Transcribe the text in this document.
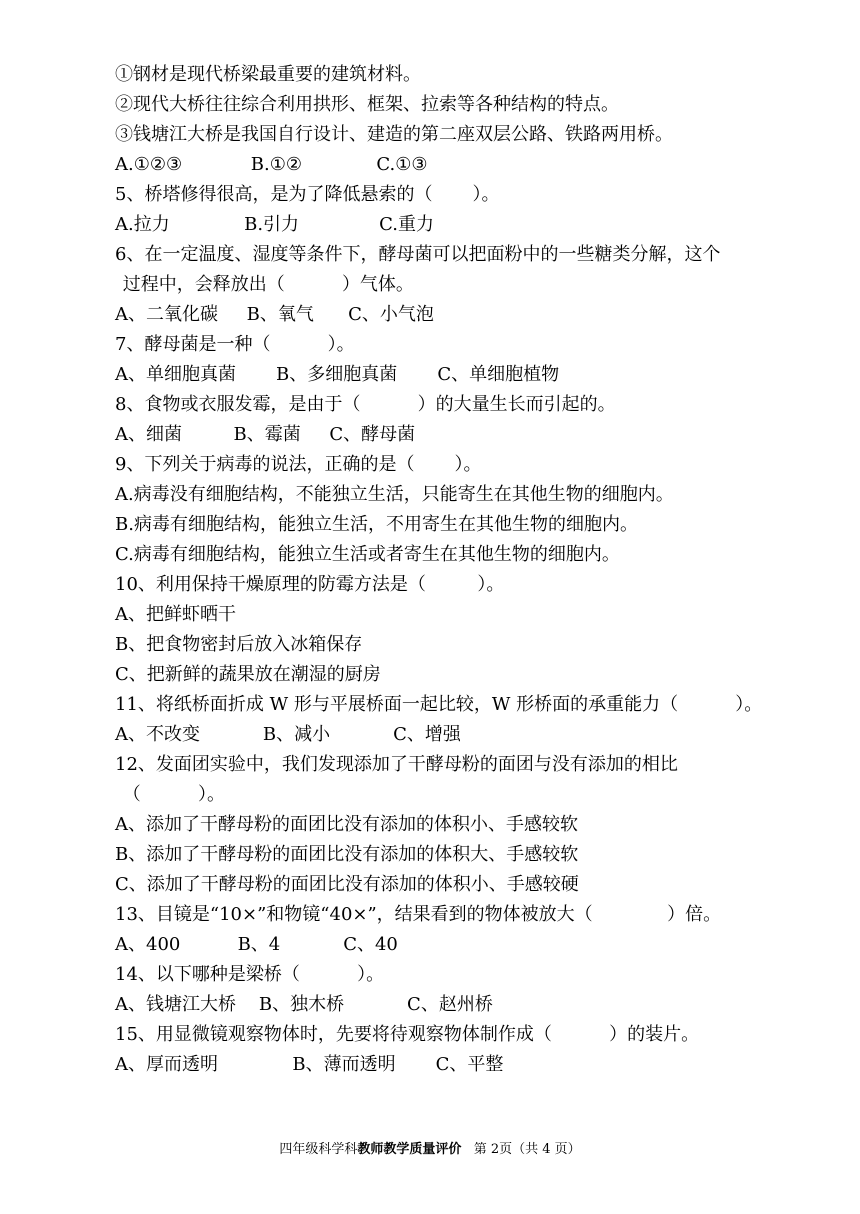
①钢材是现代桥梁最重要的建筑材料。
②现代大桥往往综合利用拱形、框架、拉索等各种结构的特点。
③钱塘江大桥是我国自行设计、建造的第二座双层公路、铁路两用桥。
A.①②③            B.①②             C.①③
5、桥塔修得很高，是为了降低悬索的（       ）。
A.拉力             B.引力              C.重力
6、在一定温度、湿度等条件下，酵母菌可以把面粉中的一些糖类分解，这个
过程中，会释放出（          ）气体。
A、二氧化碳     B、氧气      C、小气泡
7、酵母菌是一种（          ）。
A、单细胞真菌       B、多细胞真菌       C、单细胞植物
8、食物或衣服发霉，是由于（          ）的大量生长而引起的。
A、细菌         B、霉菌     C、酵母菌
9、下列关于病毒的说法，正确的是（       ）。
A.病毒没有细胞结构，不能独立生活，只能寄生在其他生物的细胞内。
B.病毒有细胞结构，能独立生活，不用寄生在其他生物的细胞内。
C.病毒有细胞结构，能独立生活或者寄生在其他生物的细胞内。
10、利用保持干燥原理的防霉方法是（         ）。
A、把鲜虾晒干
B、把食物密封后放入冰箱保存
C、把新鲜的蔬果放在潮湿的厨房
11、将纸桥面折成 W 形与平展桥面一起比较，W 形桥面的承重能力（          ）。
A、不改变           B、减小           C、增强
12、发面团实验中，我们发现添加了干酵母粉的面团与没有添加的相比
（          ）。
A、添加了干酵母粉的面团比没有添加的体积小、手感较软
B、添加了干酵母粉的面团比没有添加的体积大、手感较软
C、添加了干酵母粉的面团比没有添加的体积小、手感较硬
13、目镜是“10×”和物镜“40×”，结果看到的物体被放大（             ）倍。
A、400          B、4           C、40
14、以下哪种是梁桥（          ）。
A、钱塘江大桥    B、独木桥           C、赵州桥
15、用显微镜观察物体时，先要将待观察物体制作成（          ）的装片。
A、厚而透明             B、薄而透明       C、平整
四年级科学科教师教学质量评价   第 2页（共 4 页）
